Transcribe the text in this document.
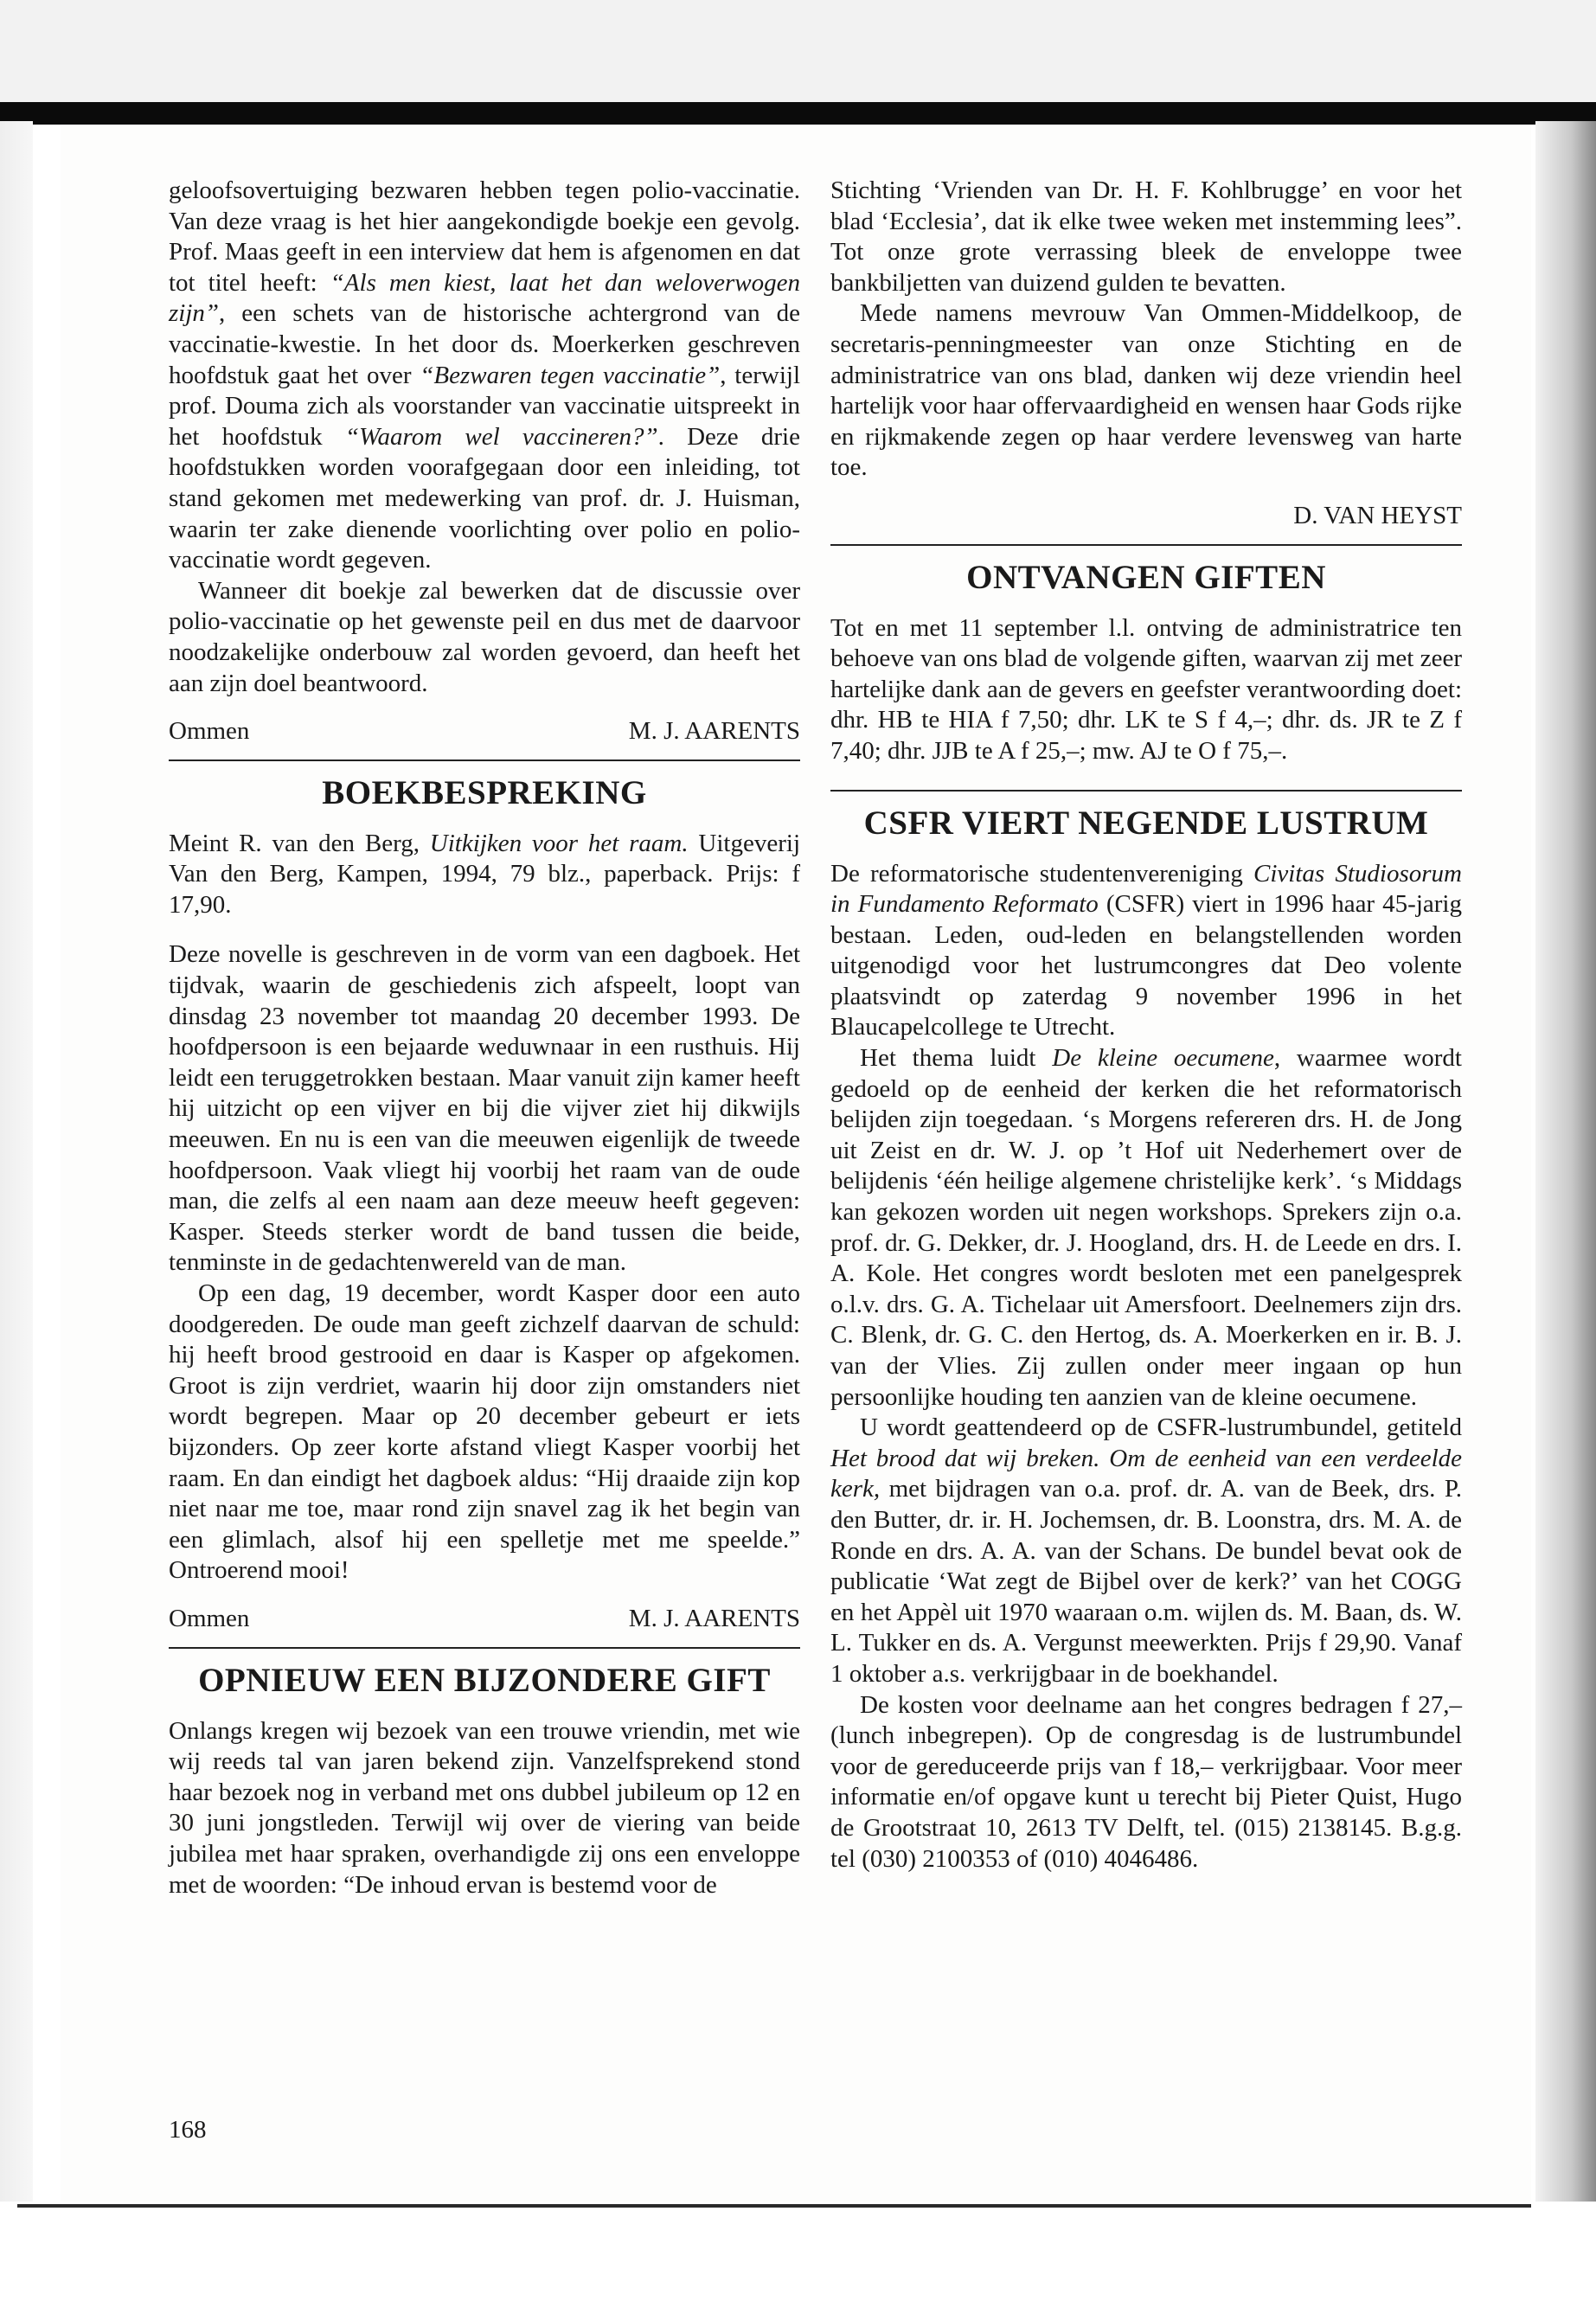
geloofsovertuiging bezwaren hebben tegen polio-vaccinatie. Van deze vraag is het hier aangekondigde boekje een gevolg. Prof. Maas geeft in een interview dat hem is afgenomen en dat tot titel heeft: “Als men kiest, laat het dan weloverwogen zijn”, een schets van de historische achtergrond van de vaccinatie-kwestie. In het door ds. Moerkerken geschreven hoofdstuk gaat het over “Bezwaren tegen vaccinatie”, terwijl prof. Douma zich als voorstander van vaccinatie uitspreekt in het hoofdstuk “Waarom wel vaccineren?”. Deze drie hoofdstukken worden voorafgegaan door een inleiding, tot stand gekomen met medewerking van prof. dr. J. Huisman, waarin ter zake dienende voorlichting over polio en polio-vaccinatie wordt gegeven.

Wanneer dit boekje zal bewerken dat de discussie over polio-vaccinatie op het gewenste peil en dus met de daarvoor noodzakelijke onderbouw zal worden gevoerd, dan heeft het aan zijn doel beantwoord.

Ommen	M. J. AARENTS
BOEKBESPREKING

Meint R. van den Berg, Uitkijken voor het raam. Uitgeverij Van den Berg, Kampen, 1994, 79 blz., paperback. Prijs: f 17,90.

Deze novelle is geschreven in de vorm van een dagboek. Het tijdvak, waarin de geschiedenis zich afspeelt, loopt van dinsdag 23 november tot maandag 20 december 1993. De hoofdpersoon is een bejaarde weduwnaar in een rusthuis. Hij leidt een teruggetrokken bestaan. Maar vanuit zijn kamer heeft hij uitzicht op een vijver en bij die vijver ziet hij dikwijls meeuwen. En nu is een van die meeuwen eigenlijk de tweede hoofdpersoon. Vaak vliegt hij voorbij het raam van de oude man, die zelfs al een naam aan deze meeuw heeft gegeven: Kasper. Steeds sterker wordt de band tussen die beide, tenminste in de gedachtenwereld van de man.

Op een dag, 19 december, wordt Kasper door een auto doodgereden. De oude man geeft zichzelf daarvan de schuld: hij heeft brood gestrooid en daar is Kasper op afgekomen. Groot is zijn verdriet, waarin hij door zijn omstanders niet wordt begrepen. Maar op 20 december gebeurt er iets bijzonders. Op zeer korte afstand vliegt Kasper voorbij het raam. En dan eindigt het dagboek aldus: “Hij draaide zijn kop niet naar me toe, maar rond zijn snavel zag ik het begin van een glimlach, alsof hij een spelletje met me speelde.” Ontroerend mooi!

Ommen	M. J. AARENTS
OPNIEUW EEN BIJZONDERE GIFT

Onlangs kregen wij bezoek van een trouwe vriendin, met wie wij reeds tal van jaren bekend zijn. Vanzelfsprekend stond haar bezoek nog in verband met ons dubbel jubileum op 12 en 30 juni jongstleden. Terwijl wij over de viering van beide jubilea met haar spraken, overhandigde zij ons een enveloppe met de woorden: “De inhoud ervan is bestemd voor de

Stichting ‘Vrienden van Dr. H. F. Kohlbrugge’ en voor het blad ‘Ecclesia’, dat ik elke twee weken met instemming lees”. Tot onze grote verrassing bleek de enveloppe twee bankbiljetten van duizend gulden te bevatten.

Mede namens mevrouw Van Ommen-Middelkoop, de secretaris-penningmeester van onze Stichting en de administratrice van ons blad, danken wij deze vriendin heel hartelijk voor haar offervaardigheid en wensen haar Gods rijke en rijkmakende zegen op haar verdere levensweg van harte toe.

D. VAN HEYST
ONTVANGEN GIFTEN

Tot en met 11 september l.l. ontving de administratrice ten behoeve van ons blad de volgende giften, waarvan zij met zeer hartelijke dank aan de gevers en geefster verantwoording doet: dhr. HB te HIA f 7,50; dhr. LK te S f 4,–; dhr. ds. JR te Z f 7,40; dhr. JJB te A f 25,–; mw. AJ te O f 75,–.

CSFR VIERT NEGENDE LUSTRUM

De reformatorische studentenvereniging Civitas Studiosorum in Fundamento Reformato (CSFR) viert in 1996 haar 45-jarig bestaan. Leden, oud-leden en belangstellenden worden uitgenodigd voor het lustrumcongres dat Deo volente plaatsvindt op zaterdag 9 november 1996 in het Blaucapelcollege te Utrecht.

Het thema luidt De kleine oecumene, waarmee wordt gedoeld op de eenheid der kerken die het reformatorisch belijden zijn toegedaan. ‘s Morgens refereren drs. H. de Jong uit Zeist en dr. W. J. op ’t Hof uit Nederhemert over de belijdenis ‘één heilige algemene christelijke kerk’. ‘s Middags kan gekozen worden uit negen workshops. Sprekers zijn o.a. prof. dr. G. Dekker, dr. J. Hoogland, drs. H. de Leede en drs. I. A. Kole. Het congres wordt besloten met een panelgesprek o.l.v. drs. G. A. Tichelaar uit Amersfoort. Deelnemers zijn drs. C. Blenk, dr. G. C. den Hertog, ds. A. Moerkerken en ir. B. J. van der Vlies. Zij zullen onder meer ingaan op hun persoonlijke houding ten aanzien van de kleine oecumene.

U wordt geattendeerd op de CSFR-lustrumbundel, getiteld Het brood dat wij breken. Om de eenheid van een verdeelde kerk, met bijdragen van o.a. prof. dr. A. van de Beek, drs. P. den Butter, dr. ir. H. Jochemsen, dr. B. Loonstra, drs. M. A. de Ronde en drs. A. A. van der Schans. De bundel bevat ook de publicatie ‘Wat zegt de Bijbel over de kerk?’ van het COGG en het Appèl uit 1970 waaraan o.m. wijlen ds. M. Baan, ds. W. L. Tukker en ds. A. Vergunst meewerkten. Prijs f 29,90. Vanaf 1 oktober a.s. verkrijgbaar in de boekhandel.

De kosten voor deelname aan het congres bedragen f 27,– (lunch inbegrepen). Op de congresdag is de lustrumbundel voor de gereduceerde prijs van f 18,– verkrijgbaar. Voor meer informatie en/of opgave kunt u terecht bij Pieter Quist, Hugo de Grootstraat 10, 2613 TV Delft, tel. (015) 2138145. B.g.g. tel (030) 2100353 of (010) 4046486.

168
